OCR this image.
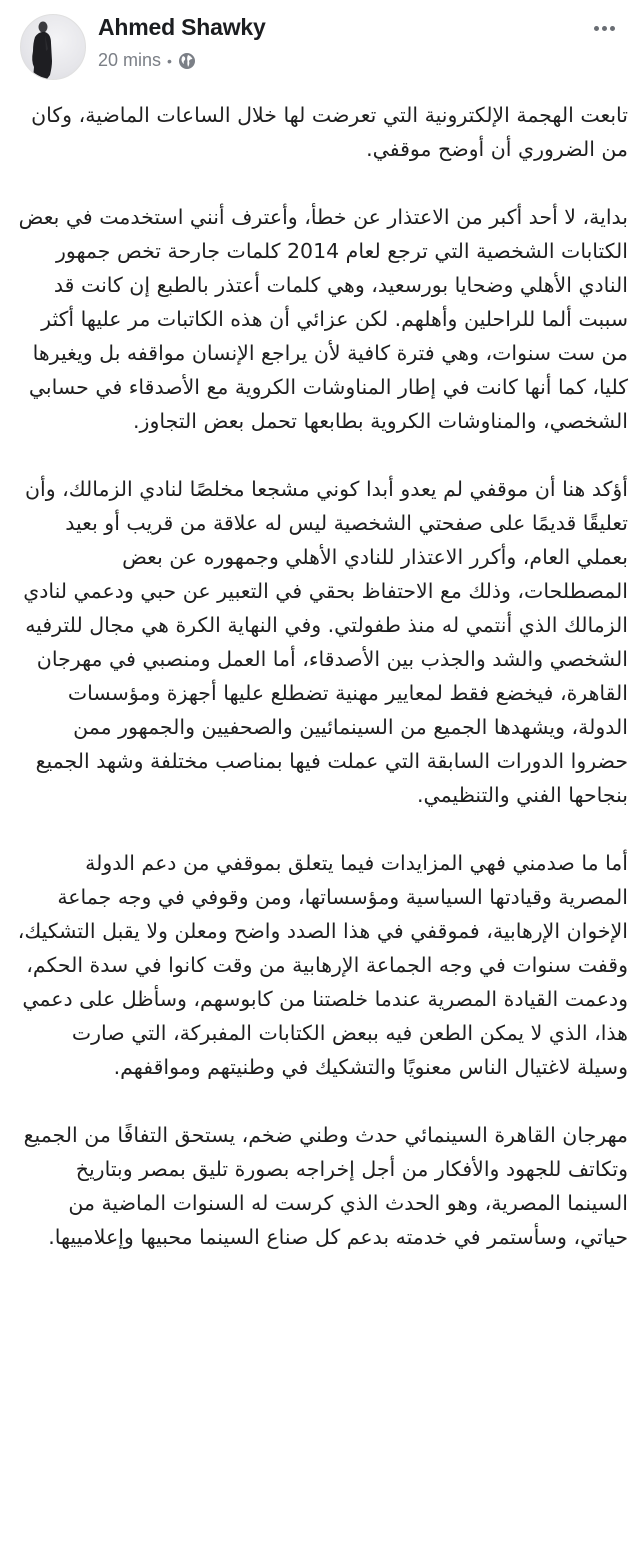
Ahmed Shawky
20 mins •

تابعت الهجمة الإلكترونية التي تعرضت لها خلال الساعات الماضية، وكان من الضروري أن أوضح موقفي.

بداية، لا أحد أكبر من الاعتذار عن خطأ، وأعترف أنني استخدمت في بعض الكتابات الشخصية التي ترجع لعام 2014 كلمات جارحة تخص جمهور النادي الأهلي وضحايا بورسعيد، وهي كلمات أعتذر بالطبع إن كانت قد سببت ألما للراحلين وأهلهم. لكن عزائي أن هذه الكاتبات مر عليها أكثر من ست سنوات، وهي فترة كافية لأن يراجع الإنسان مواقفه بل ويغيرها كليا، كما أنها كانت في إطار المناوشات الكروية مع الأصدقاء في حسابي الشخصي، والمناوشات الكروية بطابعها تحمل بعض التجاوز.

أؤكد هنا أن موقفي لم يعدو أبدا كوني مشجعا مخلصًا لنادي الزمالك، وأن تعليقًا قديمًا على صفحتي الشخصية ليس له علاقة من قريب أو بعيد بعملي العام، وأكرر الاعتذار للنادي الأهلي وجمهوره عن بعض المصطلحات، وذلك مع الاحتفاظ بحقي في التعبير عن حبي ودعمي لنادي الزمالك الذي أنتمي له منذ طفولتي. وفي النهاية الكرة هي مجال للترفيه الشخصي والشد والجذب بين الأصدقاء، أما العمل ومنصبي في مهرجان القاهرة، فيخضع فقط لمعايير مهنية تضطلع عليها أجهزة ومؤسسات الدولة، ويشهدها الجميع من السينمائيين والصحفيين والجمهور ممن حضروا الدورات السابقة التي عملت فيها بمناصب مختلفة وشهد الجميع بنجاحها الفني والتنظيمي.

أما ما صدمني فهي المزايدات فيما يتعلق بموقفي من دعم الدولة المصرية وقيادتها السياسية ومؤسساتها، ومن وقوفي في وجه جماعة الإخوان الإرهابية، فموقفي في هذا الصدد واضح ومعلن ولا يقبل التشكيك، وقفت سنوات في وجه الجماعة الإرهابية من وقت كانوا في سدة الحكم، ودعمت القيادة المصرية عندما خلصتنا من كابوسهم، وسأظل على دعمي هذا، الذي لا يمكن الطعن فيه ببعض الكتابات المفبركة، التي صارت وسيلة لاغتيال الناس معنويًا والتشكيك في وطنيتهم ومواقفهم.

مهرجان القاهرة السينمائي حدث وطني ضخم، يستحق التفافًا من الجميع وتكاتف للجهود والأفكار من أجل إخراجه بصورة تليق بمصر وبتاريخ السينما المصرية، وهو الحدث الذي كرست له السنوات الماضية من حياتي، وسأستمر في خدمته بدعم كل صناع السينما محبيها وإعلامييها.
